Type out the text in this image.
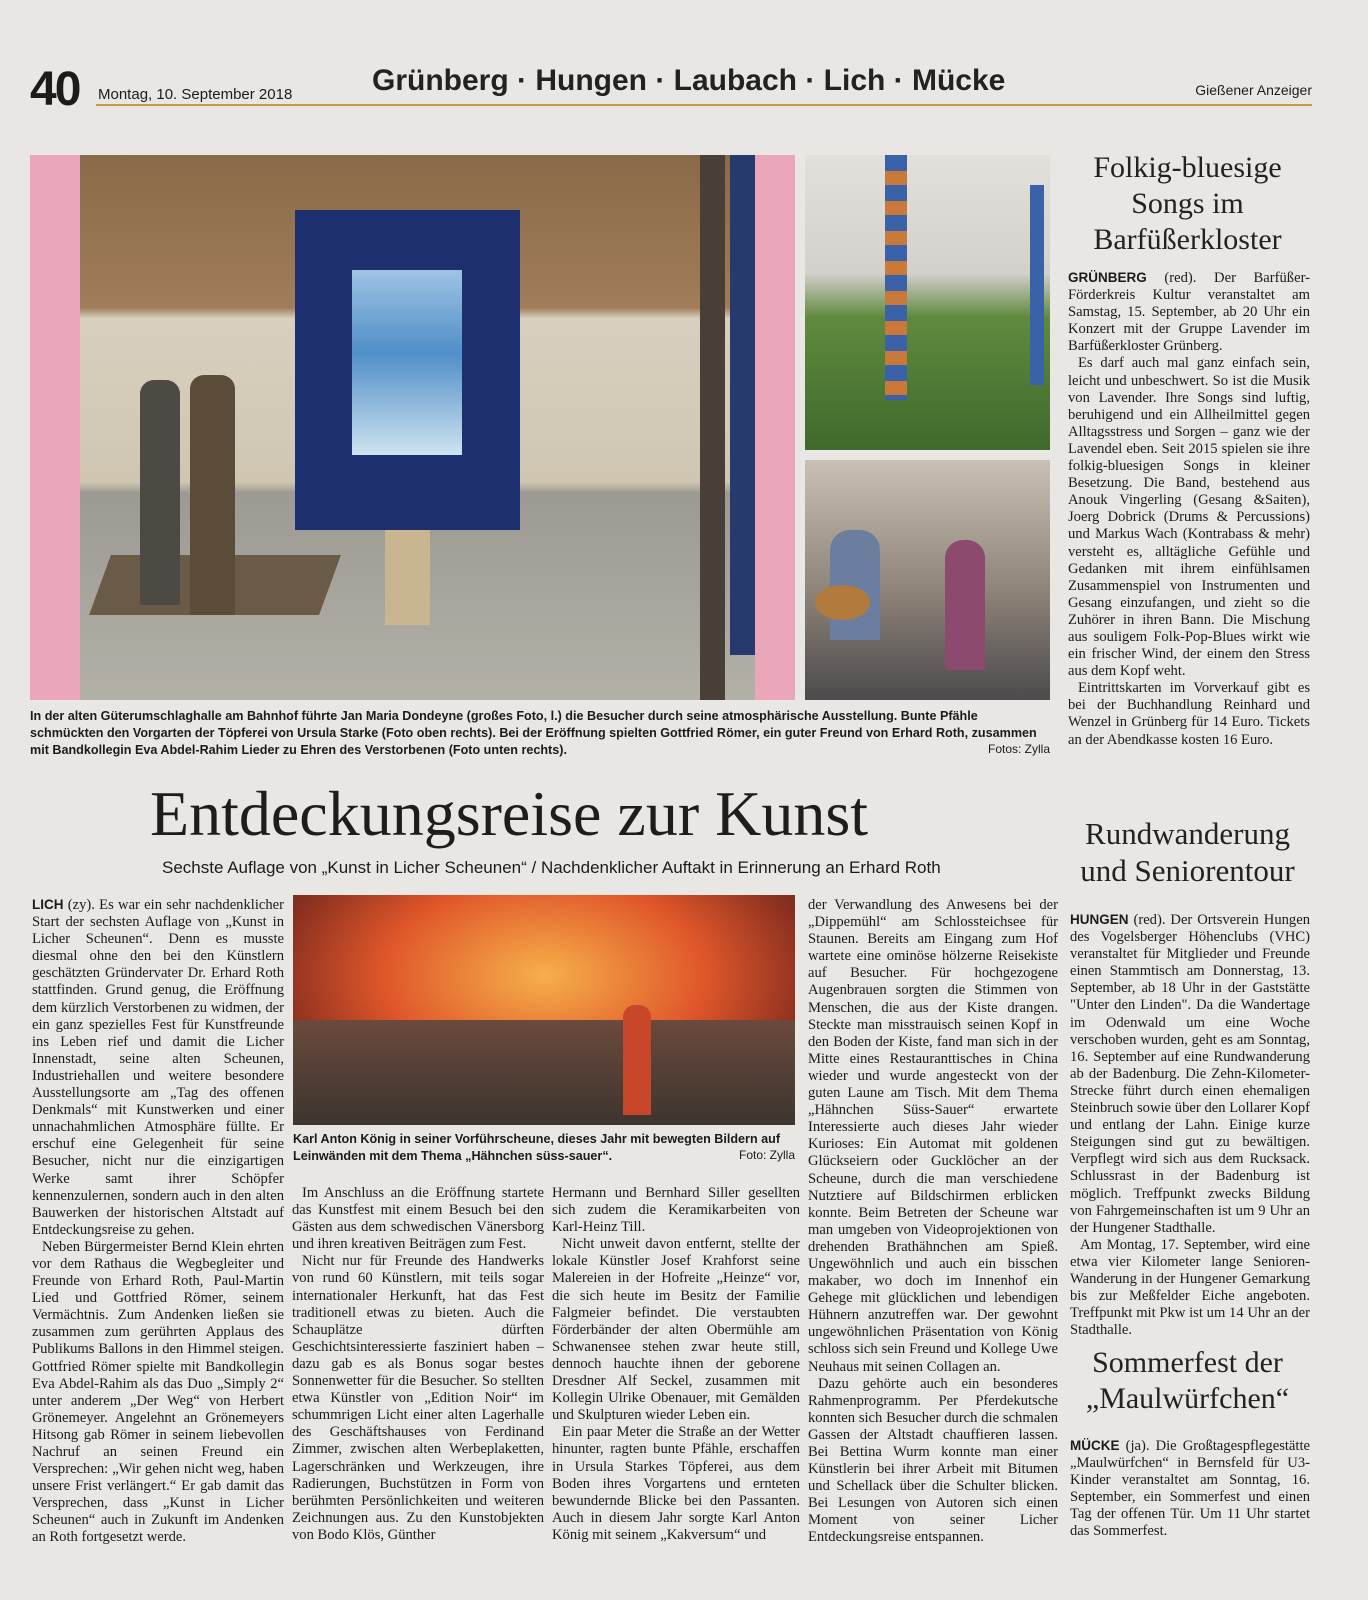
40 Montag, 10. September 2018	Grünberg · Hungen · Laubach · Lich · Mücke	Gießener Anzeiger
In der alten Güterumschlaghalle am Bahnhof führte Jan Maria Dondeyne (großes Foto, l.) die Besucher durch seine atmosphärische Ausstellung. Bunte Pfähle schmückten den Vorgarten der Töpferei von Ursula Starke (Foto oben rechts). Bei der Eröffnung spielten Gottfried Römer, ein guter Freund von Erhard Roth, zusammen mit Bandkollegin Eva Abdel-Rahim Lieder zu Ehren des Verstorbenen (Foto unten rechts).	Fotos: Zylla
Folkig-bluesige Songs im Barfüßerkloster

GRÜNBERG (red). Der Barfüßer-Förderkreis Kultur veranstaltet am Samstag, 15. September, ab 20 Uhr ein Konzert mit der Gruppe Lavender im Barfüßerkloster Grünberg.

Es darf auch mal ganz einfach sein, leicht und unbeschwert. So ist die Musik von Lavender. Ihre Songs sind luftig, beruhigend und ein Allheilmittel gegen Alltagsstress und Sorgen – ganz wie der Lavendel eben. Seit 2015 spielen sie ihre folkig-bluesigen Songs in kleiner Besetzung. Die Band, bestehend aus Anouk Vingerling (Gesang &Saiten), Joerg Dobrick (Drums & Percussions) und Markus Wach (Kontrabass & mehr) versteht es, alltägliche Gefühle und Gedanken mit ihrem einfühlsamen Zusammenspiel von Instrumenten und Gesang einzufangen, und zieht so die Zuhörer in ihren Bann. Die Mischung aus souligem Folk-Pop-Blues wirkt wie ein frischer Wind, der einem den Stress aus dem Kopf weht.

Eintrittskarten im Vorverkauf gibt es bei der Buchhandlung Reinhard und Wenzel in Grünberg für 14 Euro. Tickets an der Abendkasse kosten 16 Euro.

Entdeckungsreise zur Kunst
Sechste Auflage von „Kunst in Licher Scheunen“ / Nachdenklicher Auftakt in Erinnerung an Erhard Roth

LICH (zy). Es war ein sehr nachdenklicher Start der sechsten Auflage von „Kunst in Licher Scheunen“. Denn es musste diesmal ohne den bei den Künstlern geschätzten Gründervater Dr. Erhard Roth stattfinden. Grund genug, die Eröffnung dem kürzlich Verstorbenen zu widmen, der ein ganz spezielles Fest für Kunstfreunde ins Leben rief und damit die Licher Innenstadt, seine alten Scheunen, Industriehallen und weitere besondere Ausstellungsorte am „Tag des offenen Denkmals“ mit Kunstwerken und einer unnachahmlichen Atmosphäre füllte. Er erschuf eine Gelegenheit für seine Besucher, nicht nur die einzigartigen Werke samt ihrer Schöpfer kennenzulernen, sondern auch in den alten Bauwerken der historischen Altstadt auf Entdeckungsreise zu gehen.

Neben Bürgermeister Bernd Klein ehrten vor dem Rathaus die Wegbegleiter und Freunde von Erhard Roth, Paul-Martin Lied und Gottfried Römer, seinem Vermächtnis. Zum Andenken ließen sie zusammen zum gerührten Applaus des Publikums Ballons in den Himmel steigen. Gottfried Römer spielte mit Bandkollegin Eva Abdel-Rahim als das Duo „Simply 2“ unter anderem „Der Weg“ von Herbert Grönemeyer. Angelehnt an Grönemeyers Hitsong gab Römer in seinem liebevollen Nachruf an seinen Freund ein Versprechen: „Wir gehen nicht weg, haben unsere Frist verlängert.“ Er gab damit das Versprechen, dass „Kunst in Licher Scheunen“ auch in Zukunft im Andenken an Roth fortgesetzt werde.

Karl Anton König in seiner Vorführscheune, dieses Jahr mit bewegten Bildern auf Leinwänden mit dem Thema „Hähnchen süss-sauer“.	Foto: Zylla

Im Anschluss an die Eröffnung startete das Kunstfest mit einem Besuch bei den Gästen aus dem schwedischen Vänersborg und ihren kreativen Beiträgen zum Fest.

Nicht nur für Freunde des Handwerks von rund 60 Künstlern, mit teils sogar internationaler Herkunft, hat das Fest traditionell etwas zu bieten. Auch die Schauplätze dürften Geschichtsinteressierte fasziniert haben – dazu gab es als Bonus sogar bestes Sonnenwetter für die Besucher. So stellten etwa Künstler von „Edition Noir“ im schummrigen Licht einer alten Lagerhalle des Geschäftshauses von Ferdinand Zimmer, zwischen alten Werbeplaketten, Lagerschränken und Werkzeugen, ihre Radierungen, Buchstützen in Form von berühmten Persönlichkeiten und weiteren Zeichnungen aus. Zu den Kunstobjekten von Bodo Klös, Günther

Hermann und Bernhard Siller gesellten sich zudem die Keramikarbeiten von Karl-Heinz Till.

Nicht unweit davon entfernt, stellte der lokale Künstler Josef Krahforst seine Malereien in der Hofreite „Heinze“ vor, die sich heute im Besitz der Familie Falgmeier befindet. Die verstaubten Förderbänder der alten Obermühle am Schwanensee stehen zwar heute still, dennoch hauchte ihnen der geborene Dresdner Alf Seckel, zusammen mit Kollegin Ulrike Obenauer, mit Gemälden und Skulpturen wieder Leben ein.

Ein paar Meter die Straße an der Wetter hinunter, ragten bunte Pfähle, erschaffen in Ursula Starkes Töpferei, aus dem Boden ihres Vorgartens und ernteten bewundernde Blicke bei den Passanten. Auch in diesem Jahr sorgte Karl Anton König mit seinem „Kakversum“ und

der Verwandlung des Anwesens bei der „Dippemühl“ am Schlossteichsee für Staunen. Bereits am Eingang zum Hof wartete eine ominöse hölzerne Reisekiste auf Besucher. Für hochgezogene Augenbrauen sorgten die Stimmen von Menschen, die aus der Kiste drangen. Steckte man misstrauisch seinen Kopf in den Boden der Kiste, fand man sich in der Mitte eines Restauranttisches in China wieder und wurde angesteckt von der guten Laune am Tisch. Mit dem Thema „Hähnchen Süss-Sauer“ erwartete Interessierte auch dieses Jahr wieder Kurioses: Ein Automat mit goldenen Glückseiern oder Gucklöcher an der Scheune, durch die man verschiedene Nutztiere auf Bildschirmen erblicken konnte. Beim Betreten der Scheune war man umgeben von Videoprojektionen von drehenden Brathähnchen am Spieß. Ungewöhnlich und auch ein bisschen makaber, wo doch im Innenhof ein Gehege mit glücklichen und lebendigen Hühnern anzutreffen war. Der gewohnt ungewöhnlichen Präsentation von König schloss sich sein Freund und Kollege Uwe Neuhaus mit seinen Collagen an.

Dazu gehörte auch ein besonderes Rahmenprogramm. Per Pferdekutsche konnten sich Besucher durch die schmalen Gassen der Altstadt chauffieren lassen. Bei Bettina Wurm konnte man einer Künstlerin bei ihrer Arbeit mit Bitumen und Schellack über die Schulter blicken. Bei Lesungen von Autoren sich einen Moment von seiner Licher Entdeckungsreise entspannen.

Rundwanderung und Seniorentour

HUNGEN (red). Der Ortsverein Hungen des Vogelsberger Höhenclubs (VHC) veranstaltet für Mitglieder und Freunde einen Stammtisch am Donnerstag, 13. September, ab 18 Uhr in der Gaststätte "Unter den Linden". Da die Wandertage im Odenwald um eine Woche verschoben wurden, geht es am Sonntag, 16. September auf eine Rundwanderung ab der Badenburg. Die Zehn-Kilometer-Strecke führt durch einen ehemaligen Steinbruch sowie über den Lollarer Kopf und entlang der Lahn. Einige kurze Steigungen sind gut zu bewältigen. Verpflegt wird sich aus dem Rucksack. Schlussrast in der Badenburg ist möglich. Treffpunkt zwecks Bildung von Fahrgemeinschaften ist um 9 Uhr an der Hungener Stadthalle.

Am Montag, 17. September, wird eine etwa vier Kilometer lange Senioren-Wanderung in der Hungener Gemarkung bis zur Meßfelder Eiche angeboten. Treffpunkt mit Pkw ist um 14 Uhr an der Stadthalle.

Sommerfest der „Maulwürfchen“

MÜCKE (ja). Die Großtagespflegestätte „Maulwürfchen“ in Bernsfeld für U3-Kinder veranstaltet am Sonntag, 16. September, ein Sommerfest und einen Tag der offenen Tür. Um 11 Uhr startet das Sommerfest.
